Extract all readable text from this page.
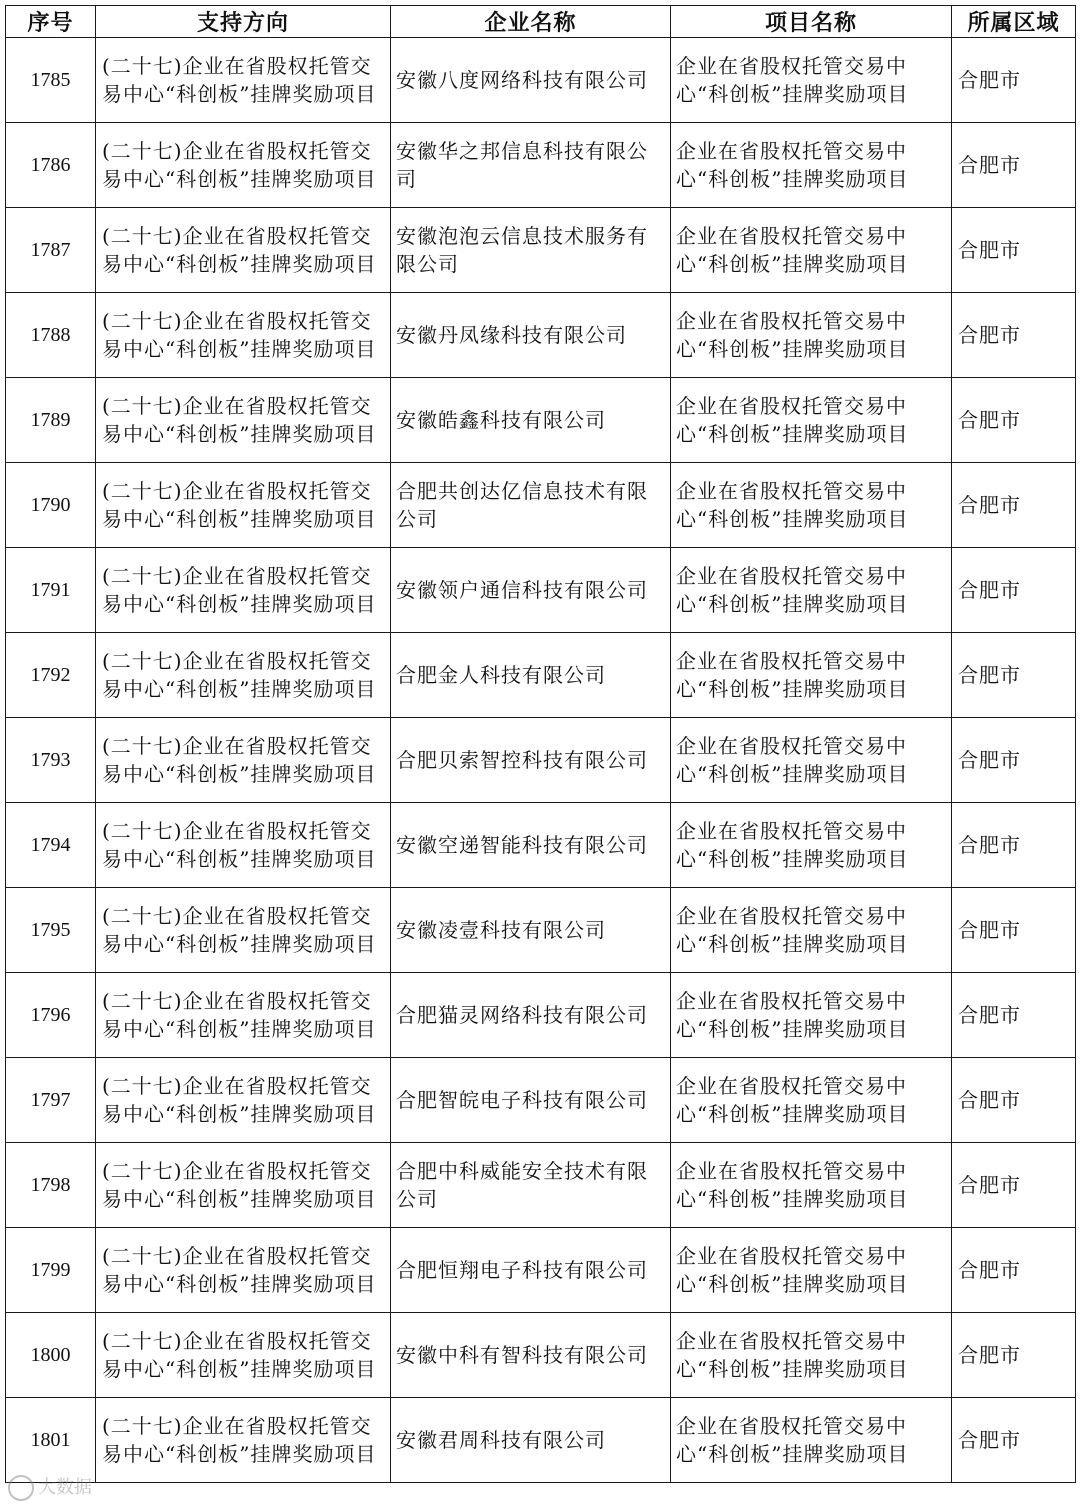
序号	支持方向	企业名称	项目名称	所属区域
1785	(二十七)企业在省股权托管交易中心“科创板”挂牌奖励项目	安徽八度网络科技有限公司	企业在省股权托管交易中心“科创板”挂牌奖励项目	合肥市
1786	(二十七)企业在省股权托管交易中心“科创板”挂牌奖励项目	安徽华之邦信息科技有限公司	企业在省股权托管交易中心“科创板”挂牌奖励项目	合肥市
1787	(二十七)企业在省股权托管交易中心“科创板”挂牌奖励项目	安徽泡泡云信息技术服务有限公司	企业在省股权托管交易中心“科创板”挂牌奖励项目	合肥市
1788	(二十七)企业在省股权托管交易中心“科创板”挂牌奖励项目	安徽丹凤缘科技有限公司	企业在省股权托管交易中心“科创板”挂牌奖励项目	合肥市
1789	(二十七)企业在省股权托管交易中心“科创板”挂牌奖励项目	安徽皓鑫科技有限公司	企业在省股权托管交易中心“科创板”挂牌奖励项目	合肥市
1790	(二十七)企业在省股权托管交易中心“科创板”挂牌奖励项目	合肥共创达亿信息技术有限公司	企业在省股权托管交易中心“科创板”挂牌奖励项目	合肥市
1791	(二十七)企业在省股权托管交易中心“科创板”挂牌奖励项目	安徽领户通信科技有限公司	企业在省股权托管交易中心“科创板”挂牌奖励项目	合肥市
1792	(二十七)企业在省股权托管交易中心“科创板”挂牌奖励项目	合肥金人科技有限公司	企业在省股权托管交易中心“科创板”挂牌奖励项目	合肥市
1793	(二十七)企业在省股权托管交易中心“科创板”挂牌奖励项目	合肥贝索智控科技有限公司	企业在省股权托管交易中心“科创板”挂牌奖励项目	合肥市
1794	(二十七)企业在省股权托管交易中心“科创板”挂牌奖励项目	安徽空递智能科技有限公司	企业在省股权托管交易中心“科创板”挂牌奖励项目	合肥市
1795	(二十七)企业在省股权托管交易中心“科创板”挂牌奖励项目	安徽凌壹科技有限公司	企业在省股权托管交易中心“科创板”挂牌奖励项目	合肥市
1796	(二十七)企业在省股权托管交易中心“科创板”挂牌奖励项目	合肥猫灵网络科技有限公司	企业在省股权托管交易中心“科创板”挂牌奖励项目	合肥市
1797	(二十七)企业在省股权托管交易中心“科创板”挂牌奖励项目	合肥智皖电子科技有限公司	企业在省股权托管交易中心“科创板”挂牌奖励项目	合肥市
1798	(二十七)企业在省股权托管交易中心“科创板”挂牌奖励项目	合肥中科威能安全技术有限公司	企业在省股权托管交易中心“科创板”挂牌奖励项目	合肥市
1799	(二十七)企业在省股权托管交易中心“科创板”挂牌奖励项目	合肥恒翔电子科技有限公司	企业在省股权托管交易中心“科创板”挂牌奖励项目	合肥市
1800	(二十七)企业在省股权托管交易中心“科创板”挂牌奖励项目	安徽中科有智科技有限公司	企业在省股权托管交易中心“科创板”挂牌奖励项目	合肥市
1801	(二十七)企业在省股权托管交易中心“科创板”挂牌奖励项目	安徽君周科技有限公司	企业在省股权托管交易中心“科创板”挂牌奖励项目	合肥市
大数据
